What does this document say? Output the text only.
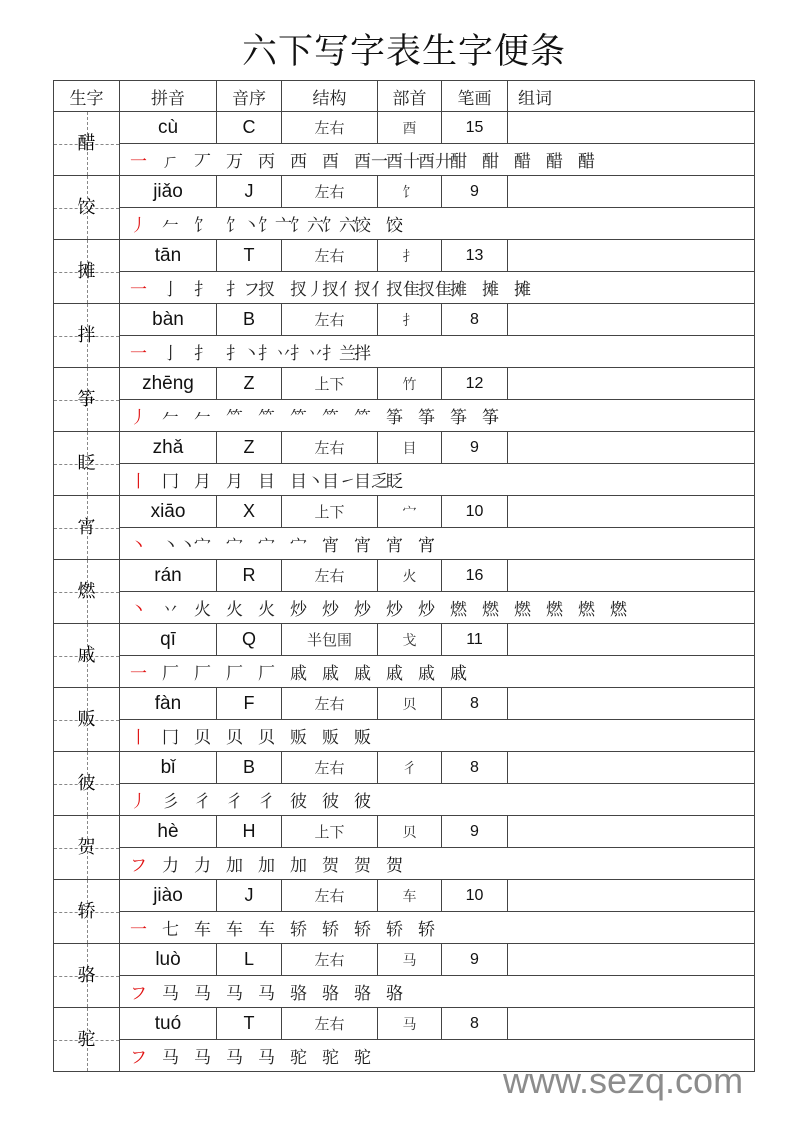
六下写字表生字便条
生字	拼音	音序	结构	部首	笔画	组词

醋	cù	C	左右	酉	15	
	一 ㄏ 丆 万 丙 西 酉 酉一酉十酉廾酣 酣 醋 醋 醋					

饺	jiǎo	J	左右	饣	9	
	丿 𠂉 饣 饣丶饣亠饣六饣六饺 饺					

摊	tān	T	左右	扌	13	
	一 亅 扌 扌フ扠 扠丿扠亻扠亻扠隹扠隹摊 摊 摊					

拌	bàn	B	左右	扌	8	
	一 亅 扌 扌丶扌丷扌丷扌兰拌					

筝	zhēng	Z	上下	竹	12	
	丿 𠂉 𠂉 ⺮ ⺮ ⺮ ⺮ ⺮ 筝 筝 筝 筝					

眨	zhǎ	Z	左右	目	9	
	丨 冂 月 月 目 目丶目㇀目乏眨					

宵	xiāo	X	上下	宀	10	
	丶 丶丶宀 宀 宀 宀 宵 宵 宵 宵					

燃	rán	R	左右	火	16	
	丶 丷 火 火 火 炒 炒 炒 炒 炒 燃 燃 燃 燃 燃 燃					

戚	qī	Q	半包围	戈	11	
	一 厂 厂 厂 厂 戚 戚 戚 戚 戚 戚					

贩	fàn	F	左右	贝	8	
	丨 冂 贝 贝 贝 贩 贩 贩					

彼	bǐ	B	左右	彳	8	
	丿 彡 彳 彳 彳 彼 彼 彼					

贺	hè	H	上下	贝	9	
	フ 力 力 加 加 加 贺 贺 贺					

轿	jiào	J	左右	车	10	
	一 七 车 车 车 轿 轿 轿 轿 轿					

骆	luò	L	左右	马	9	
	フ 马 马 马 马 骆 骆 骆 骆					

驼	tuó	T	左右	马	8	
	フ 马 马 马 马 驼 驼 驼					
www.sezq.com
